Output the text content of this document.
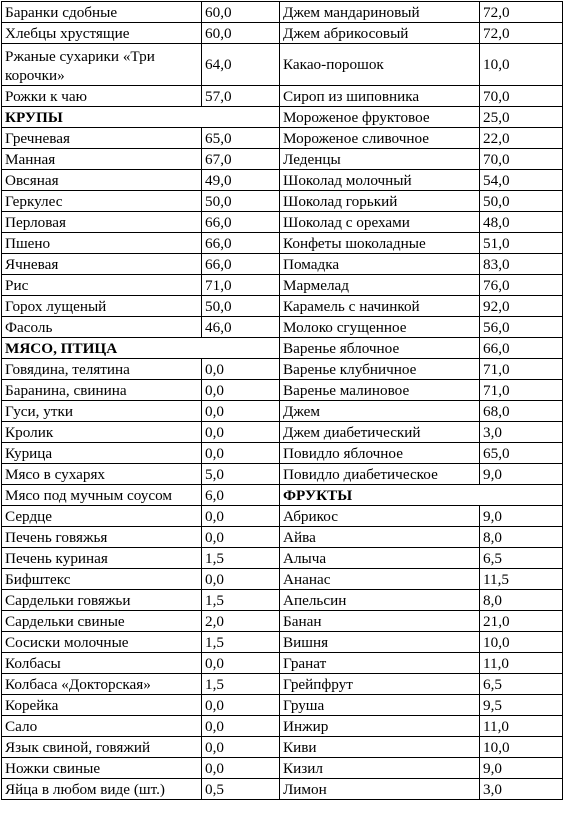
Баранки сдобные	60,0	Джем мандариновый	72,0
Хлебцы хрустящие	60,0	Джем абрикосовый	72,0
Ржаные сухарики «Три корочки»	64,0	Какао-порошок	10,0
Рожки к чаю	57,0	Сироп из шиповника	70,0
КРУПЫ		Мороженое фруктовое	25,0
Гречневая	65,0	Мороженое сливочное	22,0
Манная	67,0	Леденцы	70,0
Овсяная	49,0	Шоколад молочный	54,0
Геркулес	50,0	Шоколад горький	50,0
Перловая	66,0	Шоколад с орехами	48,0
Пшено	66,0	Конфеты шоколадные	51,0
Ячневая	66,0	Помадка	83,0
Рис	71,0	Мармелад	76,0
Горох лущеный	50,0	Карамель с начинкой	92,0
Фасоль	46,0	Молоко сгущенное	56,0
МЯСО, ПТИЦА		Варенье яблочное	66,0
Говядина, телятина	0,0	Варенье клубничное	71,0
Баранина, свинина	0,0	Варенье малиновое	71,0
Гуси, утки	0,0	Джем	68,0
Кролик	0,0	Джем диабетический	3,0
Курица	0,0	Повидло яблочное	65,0
Мясо в сухарях	5,0	Повидло диабетическое	9,0
Мясо под мучным соусом	6,0	ФРУКТЫ	
Сердце	0,0	Абрикос	9,0
Печень говяжья	0,0	Айва	8,0
Печень куриная	1,5	Алыча	6,5
Бифштекс	0,0	Ананас	11,5
Сардельки говяжьи	1,5	Апельсин	8,0
Сардельки свиные	2,0	Банан	21,0
Сосиски молочные	1,5	Вишня	10,0
Колбасы	0,0	Гранат	11,0
Колбаса «Докторская»	1,5	Грейпфрут	6,5
Корейка	0,0	Груша	9,5
Сало	0,0	Инжир	11,0
Язык свиной, говяжий	0,0	Киви	10,0
Ножки свиные	0,0	Кизил	9,0
Яйца в любом виде (шт.)	0,5	Лимон	3,0
